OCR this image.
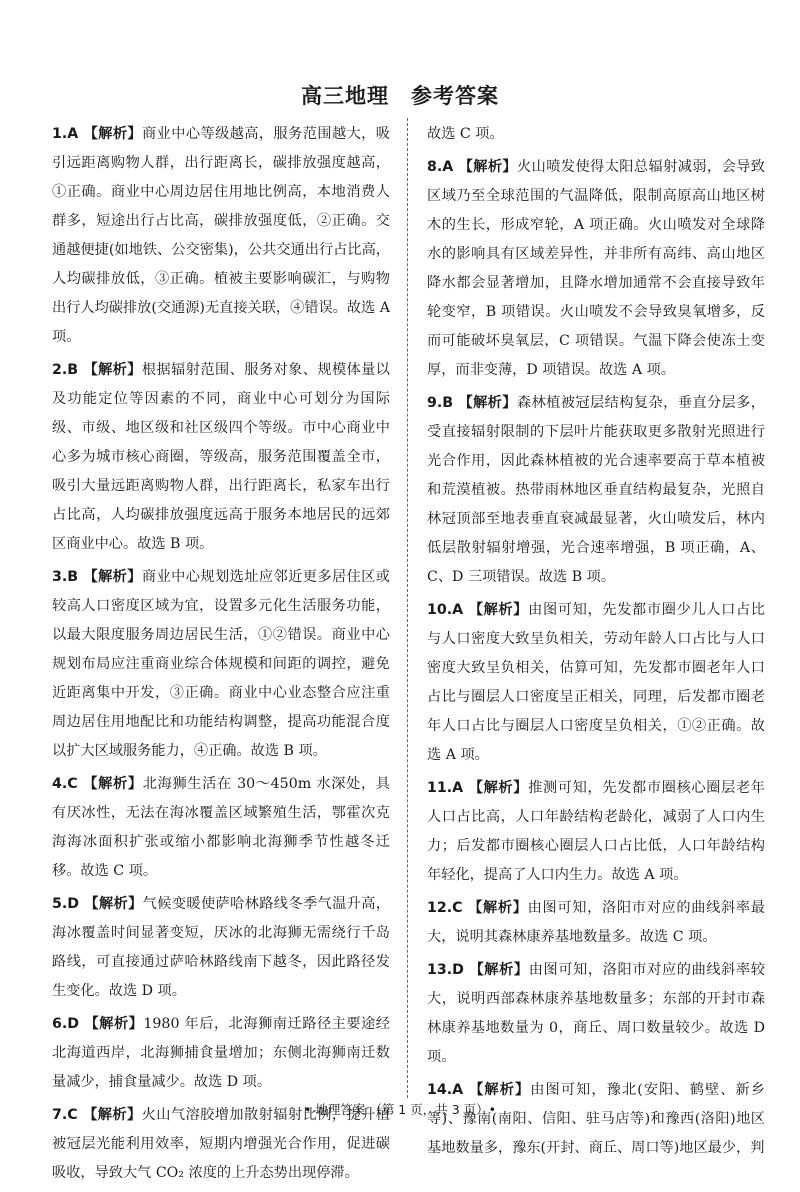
高三地理　参考答案

1.A 【解析】商业中心等级越高，服务范围越大，吸引远距离购物人群，出行距离长，碳排放强度越高，①正确。商业中心周边居住用地比例高，本地消费人群多，短途出行占比高，碳排放强度低，②正确。交通越便捷(如地铁、公交密集)，公共交通出行占比高，人均碳排放低，③正确。植被主要影响碳汇，与购物出行人均碳排放(交通源)无直接关联，④错误。故选 A 项。

2.B 【解析】根据辐射范围、服务对象、规模体量以及功能定位等因素的不同，商业中心可划分为国际级、市级、地区级和社区级四个等级。市中心商业中心多为城市核心商圈，等级高，服务范围覆盖全市，吸引大量远距离购物人群，出行距离长，私家车出行占比高，人均碳排放强度远高于服务本地居民的远郊区商业中心。故选 B 项。

3.B 【解析】商业中心规划选址应邻近更多居住区或较高人口密度区域为宜，设置多元化生活服务功能，以最大限度服务周边居民生活，①②错误。商业中心规划布局应注重商业综合体规模和间距的调控，避免近距离集中开发，③正确。商业中心业态整合应注重周边居住用地配比和功能结构调整，提高功能混合度以扩大区域服务能力，④正确。故选 B 项。

4.C 【解析】北海狮生活在 30～450m 水深处，具有厌冰性，无法在海冰覆盖区域繁殖生活，鄂霍次克海海冰面积扩张或缩小都影响北海狮季节性越冬迁移。故选 C 项。

5.D 【解析】气候变暖使萨哈林路线冬季气温升高，海冰覆盖时间显著变短，厌冰的北海狮无需绕行千岛路线，可直接通过萨哈林路线南下越冬，因此路径发生变化。故选 D 项。

6.D 【解析】1980 年后，北海狮南迁路径主要途经北海道西岸，北海狮捕食量增加；东侧北海狮南迁数量减少，捕食量减少。故选 D 项。

7.C 【解析】火山气溶胶增加散射辐射比例，提升植被冠层光能利用效率，短期内增强光合作用，促进碳吸收，导致大气 CO₂ 浓度的上升态势出现停滞。

故选 C 项。

8.A 【解析】火山喷发使得太阳总辐射减弱，会导致区域乃至全球范围的气温降低，限制高原高山地区树木的生长，形成窄轮，A 项正确。火山喷发对全球降水的影响具有区域差异性，并非所有高纬、高山地区降水都会显著增加，且降水增加通常不会直接导致年轮变窄，B 项错误。火山喷发不会导致臭氧增多，反而可能破坏臭氧层，C 项错误。气温下降会使冻土变厚，而非变薄，D 项错误。故选 A 项。

9.B 【解析】森林植被冠层结构复杂，垂直分层多，受直接辐射限制的下层叶片能获取更多散射光照进行光合作用，因此森林植被的光合速率要高于草本植被和荒漠植被。热带雨林地区垂直结构最复杂，光照自林冠顶部至地表垂直衰减最显著，火山喷发后，林内低层散射辐射增强，光合速率增强，B 项正确，A、C、D 三项错误。故选 B 项。

10.A 【解析】由图可知，先发都市圈少儿人口占比与人口密度大致呈负相关，劳动年龄人口占比与人口密度大致呈负相关，估算可知，先发都市圈老年人口占比与圈层人口密度呈正相关，同理，后发都市圈老年人口占比与圈层人口密度呈负相关，①②正确。故选 A 项。

11.A 【解析】推测可知，先发都市圈核心圈层老年人口占比高，人口年龄结构老龄化，减弱了人口内生力；后发都市圈核心圈层人口占比低，人口年龄结构年轻化，提高了人口内生力。故选 A 项。

12.C 【解析】由图可知，洛阳市对应的曲线斜率最大，说明其森林康养基地数量多。故选 C 项。

13.D 【解析】由图可知，洛阳市对应的曲线斜率较大，说明西部森林康养基地数量多；东部的开封市森林康养基地数量为 0，商丘、周口数量较少。故选 D 项。

14.A 【解析】由图可知，豫北(安阳、鹤壁、新乡等)、豫南(南阳、信阳、驻马店等)和豫西(洛阳)地区基地数量多，豫东(开封、商丘、周口等)地区最少，判

• 地理答案 （第 1 页，共 3 页）•
